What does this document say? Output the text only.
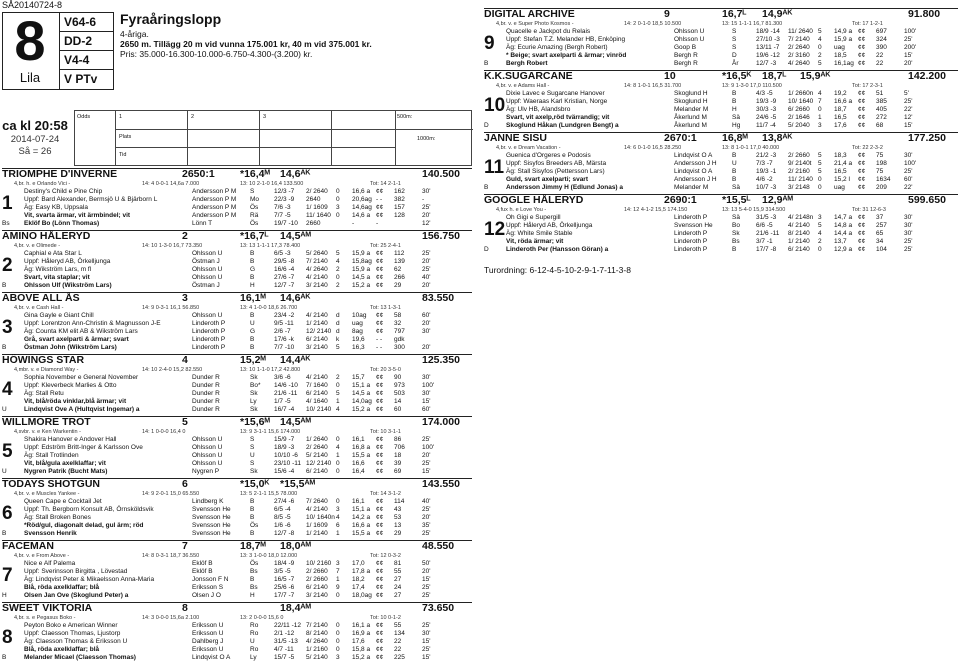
SÅ20140724-8
8
Lila
V64-6
DD-2
V4-4
V PTv
Fyraåringslopp
4-åriga.
2650 m. Tillägg 20 m vid vunna 175.001 kr, 40 m vid 375.001 kr.
Pris: 35.000-16.300-10.000-6.750-4.300-(3.200) kr.
ca kl 20:58
2014-07-24
Så = 26
Odds	1	2	3
Plats
Tid
500m:
1000m:
TRIOMPHE D'INVERNE	2650:1 *16,4ᴹ 14,6ᴬᴷ	140.500
4,br. h. e Orlando Vici -	14: 4 0-0-1 14,6a 7.000	13: 10 2-1-0 16,4 133.500	Tot: 14 2-1-1
1
Destiny's Child e Pine Chip	Andersson P M S	12/3 -7 2/ 2640 0 16,6 a ¢¢ 162	30'
Uppf: Bard Alexander, Bermsjö U & Bjärborn L	Andersson P M Mo 22/3 -9 2640 0 20,6ag - - 382	-
Äg: Easy KB, Uppsala	Andersson P M Ös 7/6 -3 1/ 1609 3 14,6ag ¢¢ 157	25'
Vit, svarta ärmar, vit ärmbindel; vit	Andersson P M Rä 7/7 -5 11/ 1640 0 14,6 a ¢¢ 128	20'
Bs Eklöf Bo (Lönn Thomas)	Lönn T	Ös 19/7 -10 2660	-	-	12'
AMINO HÅLERYD	2	*16,7ᴸ 14,5ᴬᴹ	156.750
4,br. v. e Olimede -	14: 10 1-3-0 16,7 73.350	13: 13 1-1-1 17,3 78.400	Tot: 25 2-4-1
2
Caphial e Ata Star L	Ohlsson U	B	6/5 -3 5/ 2640 5 15,9 a ¢¢ 112	25'
Uppf: Håleryd AB, Örkelljunga	Östman J	B	29/5 -8 7/ 2140 4 15,8ag ¢¢ 139	20'
Äg: Wikström Lars, m fl	Ohlsson U	G	16/6 -4 4/ 2640 2 15,9 a ¢¢ 62	25'
Svart, vita staplar; vit	Ohlsson U	B	27/6 -7 4/ 2140 0 14,5 a ¢¢ 266	40'
B	Ohlsson Ulf (Wikström Lars)	Östman J	H	12/7 -7 3/ 2140 2 15,2 a ¢¢ 29	20'
ABOVE ALL ÅS	3	16,1ᴹ 14,6ᴬᴷ	83.550
4,br. v. e Cash Hall -	14: 9 0-3-1 16,1 56.850	13: 4 1-0-0 18,6 26.700	Tot: 13 1-3-1
3
Gina Gayle e Giant Chill	Ohlsson U	B	23/4 -2 4/ 2140 d 10ag ¢¢ 58	60'
Uppf: Lorentzon Ann-Christin & Magnusson J-E	Linderoth P	U	9/5 -11 1/ 2140 d uag ¢¢ 32	20'
Äg: Counta KM elit AB & Wikström Lars	Linderoth P	G	2/6 -7 12/ 2140 d 8ag ¢¢ 797	30'
Grå, svart axelparti & ärmar; svart	Linderoth P	B	17/6 -k 6/ 2140 k 19,6 - - gdk
B	Östman John (Wikström Lars)	Linderoth P	B	7/7 -10 3/ 2140 5 16,3 - - 300	20'
HÖWINGS STAR	4	15,2ᴹ 14,4ᴬᴷ	125.350
4,mbr. v. e Diamond Way -	14: 10 2-4-0 15,2 82.550	13: 10 1-1-0 17,2 42.800	Tot: 20 3-5-0
4
Sophia November e General November	Dunder R	Sk	3/6 -6 4/ 2140 2 15,7 ¢¢ 90	30'
Uppf: Kleverbeck Marlies & Otto	Dunder R	Bo* 14/6 -10 7/ 1640 0 15,1 a ¢¢ 973	100'
Äg: Stall Retu	Dunder R	Sk	21/6 -11 6/ 2140 5 14,5 a ¢¢ 503	30'
Vit, blå/röda vinklar,blå ärmar; vit	Dunder R	Ly	1/7 -5 4/ 1640 1 14,0ag ¢¢ 14	15'
U	Lindqvist Ove A (Hultqvist Ingemar) a	Dunder R	Sk	16/7 -4 10/ 2140 4 15,2 a ¢¢ 60	60'
WILLMORE TROT	5	*15,6ᴹ 14,5ᴬᴹ	174.000
4,svbr. v. e Ken Warkentin -	14: 1 0-0-0 16,4 0	13: 9 3-1-1 15,6 174.000	Tot: 10 3-1-1
5
Shakira Hanover e Andover Hall	Ohlsson U	S	15/9 -7 1/ 2640 0 16,1 ¢¢ 86	25'
Uppf: Edström Britt-Inger & Karlsson Ove	Ohlsson U	S	18/9 -3 2/ 2640 4 16,8 a ¢¢ 706	100'
Äg: Stall Trotlinden	Ohlsson U	U	10/10 -6 5/ 2140 1 15,5 a ¢¢ 18	20'
Vit, blå/gula axelklaffar; vit	Ohlsson U	S	23/10 -11 12/ 2140 0 16,6 ¢¢ 39	25'
U	Nygren Patrik (Bucht Mats)	Nygren P	Sk	15/6 -4 6/ 2140 0 16,4 ¢¢ 69	15'
TODAYS SHOTGUN	6	*15,0ᴷ *15,5ᴬᴹ	143.550
4,br. v. e Muscles Yankee -	14: 9 2-0-1 15,0 65.550	13: 5 2-1-1 15,5 78.000	Tot: 14 3-1-2
6
Queen Cape e Cocktail Jet	Lindberg K	B	27/4 -6 7/ 2640 0 16,1 ¢¢ 114	40'
Uppf: Th. Bergborn Konsult AB, Örnsköldsvik	Svensson He	B	6/5 -4 4/ 2140 3 15,1 a ¢¢ 43	25'
Äg: Stall Broken Bones	Svensson He	B	8/5 -5 10/ 1640n 4 14,2 a ¢¢ 53	20'
*Röd/gul, diagonalt delad, gul ärm; röd	Svensson He	Ös 1/6 -6 1/ 1609 6 16,6 a ¢¢ 13	35'
B	Svensson Henrik	Svensson He	B	12/7 -8 1/ 2140 1 15,5 a ¢¢ 29	25'
FACEMAN	7	18,7ᴹ 18,0ᴬᴹ	48.550
4,br. v. e From Above -	14: 8 0-3-1 18,7 36.550	13: 3 1-0-0 18,0 12.000	Tot: 12 0-3-2
7
Nice e Alf Palema	Eklöf B	Ös 18/4 -9 10/ 2160 3 17,0 ¢¢ 81	50'
Uppf: Sverinsson Birgitta , Lövestad	Eklöf B	Bs	3/5 -5 2/ 2660 7 17,8 a ¢¢ 55	20'
Äg: Lindqvist Peter & Mikaelsson Anna-Maria	Jonsson F N	B	16/5 -7 2/ 2660 1 18,2 ¢¢ 27	15'
Blå, röda axelklaffar; blå	Eriksson S	Bs	25/6 -6 6/ 2140 9 17,4 ¢¢ 24	25'
H	Olsen Jan Ove (Skoglund Peter) a	Olsen J O	H	17/7 -7 3/ 2140 0 18,0ag ¢¢ 27	25'
SWEET VIKTORIA	8	18,4ᴬᴹ	73.650
4,br. s. e Pegasus Boko -	14: 3 0-0-0 15,6a 2.100	13: 2 0-0-0 15,6 0	Tot: 10 0-1-2
8
Peyton Boko e American Winner	Eriksson U	Ro 22/11 -12 7/ 2140 0 16,1 a ¢¢ 55	25'
Uppf: Claesson Thomas, Ljustorp	Eriksson U	Ro 2/1 -12 8/ 2140 0 16,9 a ¢¢ 134	30'
Äg: Claesson Thomas & Eriksson U	Dahlberg J	U	31/5 -13 4/ 2640 0 17,6 ¢¢ 22	15'
Blå, röda axelklaffar; blå	Eriksson U	Ro 4/7 -11 1/ 2160 0 15,8 a ¢¢ 22	25'
B	Melander Micael (Claesson Thomas)	Lindqvist O A	Ly	15/7 -5 5/ 2140 3 15,2 a ¢¢ 225	15'
DIGITAL ARCHIVE	9	16,7ᴸ 14,9ᴬᴷ	91.800
4,br. v. e Super Photo Kosmos -	14: 2 0-1-0 18,5 10.500	13: 15 1-1-1 16,7 81.300	Tot: 17 1-2-1
9
Quacelle e Jackpot du Relais	Ohlsson U	S	18/9 -14 11/ 2640 5 14,9 a ¢¢ 697	100'
Uppf: Stefan T.Z. Melander HB, Enköping	Ohlsson U	S	27/10 -3 7/ 2140 4 15,9 a ¢¢ 324	25'
Äg: Ecurie Amazing (Bergh Robert)	Goop B	S	13/11 -7 2/ 2640 0 uag ¢¢ 390	200'
* Beige; svart axelparti & ärmar; vinröd	Bergh R	D	19/6 -12 2/ 3160 2 18,5 ¢¢ 22	15'
B	Bergh Robert	Bergh R	År	12/7 -3 4/ 2640 5 16,1ag ¢¢ 22	20'
K.K.SUGARCANE	10	*16,5ᴷ 18,7ᴸ 15,9ᴬᴷ	142.200
4,br. v. e Adams Hall -	14: 8 1-0-1 16,5 31.700	13: 9 1-3-0 17,0 110.500	Tot: 17 2-3-1
10
Dixie Lavec e Sugarcane Hanover	Skoglund H	B	4/3 -5 1/ 2660n 4 19,2 ¢¢ 51	5'
Uppf: Waeraas Karl Kristian, Norge	Skoglund H	B	19/3 -9 10/ 1640 7 16,6 a ¢¢ 385	25'
Äg: Ulv HB, Alandsbro	Melander M	H	30/3 -3 6/ 2660 0 18,7 ¢¢ 405	22'
Svart, vit axelp,röd tvärrandig; vit	Åkerlund M	Sä 24/6 -5 2/ 1646 1 16,5 ¢¢ 272	12'
D	Skoglund Håkan (Lundgren Bengt) a	Åkerlund M	Hg 11/7 -4 5/ 2040 3 17,6 ¢¢ 68	15'
JANNE SISU	2670:1 16,8ᴹ 13,8ᴬᴷ	177.250
4,br. v. e Dream Vacation -	14: 6 0-1-0 16,5 28.250	13: 8 1-0-1 17,0 40.000	Tot: 22 2-3-2
11
Guenica d'Orgeres e Podosis	Lindqvist O A	B	21/2 -3 2/ 2660 5 18,3 ¢¢ 75	30'
Uppf: Sisyfos Breeders AB, Märsta	Andersson J H U	7/3 -7 9/ 2140t 5 21,4 a ¢¢ 198	100'
Äg: Stall Sisyfos (Pettersson Lars)	Lindqvist O A	B	19/3 -1 2/ 2160 5 16,5 ¢¢ 75	25'
Guld, svart axelparti; svart	Andersson J H B	4/6 -2 11/ 2140 0 15,2 l ¢¢ 1634 60'
B	Andersson Jimmy H (Edlund Jonas) a	Melander M	Sä 10/7 -3 3/ 2148 0 uag ¢¢ 209	22'
GOOGLE HÅLERYD	2690:1 *15,5ᴸ 12,9ᴬᴹ	599.650
4,fux h. e Love You -	14: 12 4-1-2 15,5 174.150	13: 13 5-4-0 15,9 314.500	Tot: 31 12-6-3
12
Oh Gigi e Supergill	Linderoth P	Sä 31/5 -3 4/ 2148n 3 14,7 a ¢¢ 37	30'
Uppf: Håleryd AB, Örkelljunga	Svensson He	Bo 6/6 -5 4/ 2140 5 14,8 a ¢¢ 257	30'
Äg: White Smile Stable	Linderoth P	Sk	21/6 -11 8/ 2140 4 14,4 a ¢¢ 65	30'
Vit, röda ärmar; vit	Linderoth P	Bs	3/7 -1 1/ 2140 2 13,7 ¢¢ 34	25'
D	Linderoth Per (Hansson Göran) a	Linderoth P	B	17/7 -8 6/ 2140 0 12,9 a ¢¢ 104	25'
Turordning: 6-12-4-5-10-2-9-1-7-11-3-8
